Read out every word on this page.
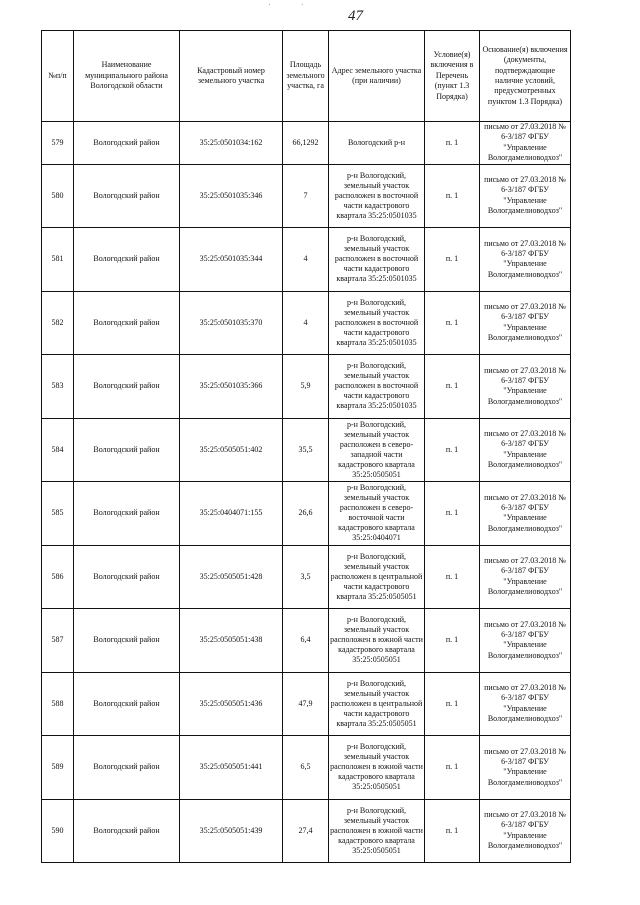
· ·
47
№п/п	Наименование муниципального района Вологодской области	Кадастровый номер земельного участка	Площадь земельного участка, га	Адрес земельного участка (при наличии)	Условие(я) включения в Перечень (пункт 1.3 Порядка)	Основание(я) включения (документы, подтверждающие наличие условий, предусмотренных пунктом 1.3 Порядка)
579	Вологодский район	35:25:0501034:162	66,1292	Вологодский р-н	п. 1	письмо от 27.03.2018 № 6-3/187 ФГБУ "Управление Вологдамелиоводхоз"
580	Вологодский район	35:25:0501035:346	7	р-н Вологодский, земельный участок расположен в восточной части кадастрового квартала 35:25:0501035	п. 1	письмо от 27.03.2018 № 6-3/187 ФГБУ "Управление Вологдамелиоводхоз"
581	Вологодский район	35:25:0501035:344	4	р-н Вологодский, земельный участок расположен в восточной части кадастрового квартала 35:25:0501035	п. 1	письмо от 27.03.2018 № 6-3/187 ФГБУ "Управление Вологдамелиоводхоз"
582	Вологодский район	35:25:0501035:370	4	р-н Вологодский, земельный участок расположен в восточной части кадастрового квартала 35:25:0501035	п. 1	письмо от 27.03.2018 № 6-3/187 ФГБУ "Управление Вологдамелиоводхоз"
583	Вологодский район	35:25:0501035:366	5,9	р-н Вологодский, земельный участок расположен в восточной части кадастрового квартала 35:25:0501035	п. 1	письмо от 27.03.2018 № 6-3/187 ФГБУ "Управление Вологдамелиоводхоз"
584	Вологодский район	35:25:0505051:402	35,5	р-н Вологодский, земельный участок расположен в северо-западной части кадастрового квартала 35:25:0505051	п. 1	письмо от 27.03.2018 № 6-3/187 ФГБУ "Управление Вологдамелиоводхоз"
585	Вологодский район	35:25:0404071:155	26,6	р-н Вологодский, земельный участок расположен в северо-восточной части кадастрового квартала 35:25:0404071	п. 1	письмо от 27.03.2018 № 6-3/187 ФГБУ "Управление Вологдамелиоводхоз"
586	Вологодский район	35:25:0505051:428	3,5	р-н Вологодский, земельный участок расположен в центральной части кадастрового квартала 35:25:0505051	п. 1	письмо от 27.03.2018 № 6-3/187 ФГБУ "Управление Вологдамелиоводхоз"
587	Вологодский район	35:25:0505051:438	6,4	р-н Вологодский, земельный участок расположен в южной части кадастрового квартала 35:25:0505051	п. 1	письмо от 27.03.2018 № 6-3/187 ФГБУ "Управление Вологдамелиоводхоз"
588	Вологодский район	35:25:0505051:436	47,9	р-н Вологодский, земельный участок расположен в центральной части кадастрового квартала 35:25:0505051	п. 1	письмо от 27.03.2018 № 6-3/187 ФГБУ "Управление Вологдамелиоводхоз"
589	Вологодский район	35:25:0505051:441	6,5	р-н Вологодский, земельный участок расположен в южной части кадастрового квартала 35:25:0505051	п. 1	письмо от 27.03.2018 № 6-3/187 ФГБУ "Управление Вологдамелиоводхоз"
590	Вологодский район	35:25:0505051:439	27,4	р-н Вологодский, земельный участок расположен в южной части кадастрового квартала 35:25:0505051	п. 1	письмо от 27.03.2018 № 6-3/187 ФГБУ "Управление Вологдамелиоводхоз"
